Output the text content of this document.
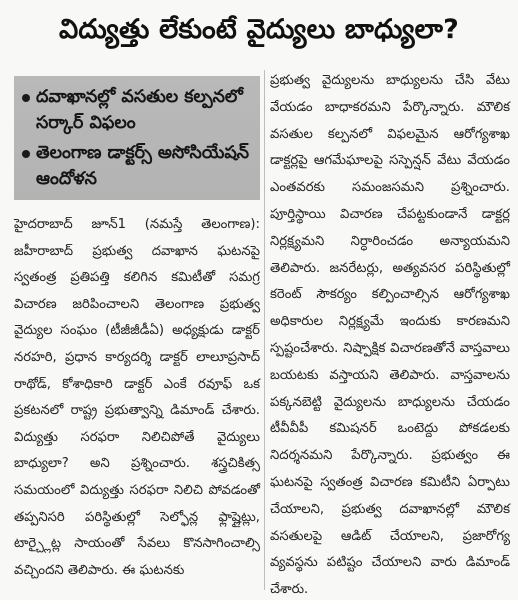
విద్యుత్తు లేకుంటే వైద్యులు బాధ్యులా?
దవాఖానల్లో వసతుల కల్పనలో సర్కార్ విఫలం
తెలంగాణ డాక్టర్స్ అసోసియేషన్ ఆందోళన
హైదరాబాద్ జూన్1 (నమస్తే తెలంగాణ): జహీరాబాద్ ప్రభుత్వ దవాఖాన ఘటనపై స్వతంత్ర ప్రతిపత్తి కలిగిన కమిటీతో సమగ్ర విచారణ జరిపించాలని తెలంగాణ ప్రభుత్వ వైద్యుల సంఘం (టీజీజీడీఏ) అధ్యక్షుడు డాక్టర్ నరహరి, ప్రధాన కార్యదర్శి డాక్టర్ లాలూప్రసాద్ రాథోడ్, కోశాధికారి డాక్టర్ ఎంకే రవూఫ్ ఒక ప్రకటనలో రాష్ట్ర ప్రభుత్వాన్ని డిమాండ్ చేశారు. విద్యుత్తు సరఫరా నిలిచిపోతే వైద్యులు బాధ్యులా? అని ప్రశ్నించారు. శస్త్రచికిత్స సమయంలో విద్యుత్తు సరఫరా నిలిచి పోవడంతో తప్పనిసరి పరిస్థితుల్లో సెల్ఫోన్ల ఫ్లాష్లైట్లు, టార్చ్లైట్ల సాయంతో సేవలు కొనసాగించాల్సి వచ్చిందని తెలిపారు. ఈ ఘటనకు
ప్రభుత్వ వైద్యులను బాధ్యులను చేసి వేటు వేయడం బాధాకరమని పేర్కొన్నారు. మౌలిక వసతుల కల్పనలో విఫలమైన ఆరోగ్యశాఖ డాక్టర్లపై ఆగమేఘాలపై సస్పెన్షన్ వేటు వేయడం ఎంతవరకు సమంజసమని ప్రశ్నించారు. పూర్తిస్థాయి విచారణ చేపట్టకుండానే డాక్టర్ల నిర్లక్ష్యమని నిర్ధారించడం అన్యాయమని తెలిపారు. జనరేటర్లు, అత్యవసర పరిస్థితుల్లో కరెంట్ సౌకర్యం కల్పించాల్సిన ఆరోగ్యశాఖ అధికారుల నిర్లక్ష్యమే ఇందుకు కారణమని స్పష్టంచేశారు. నిష్పాక్షిక విచారణతోనే వాస్తవాలు బయటకు వస్తాయని తెలిపారు. వాస్తవాలను పక్కనబెట్టి వైద్యులను బాధ్యులను చేయడం టీవీవీపీ కమిషనర్ ఒంటెద్దు పోకడలకు నిదర్శనమని పేర్కొన్నారు. ప్రభుత్వం ఈ ఘటనపై స్వతంత్ర విచారణ కమిటీని ఏర్పాటు చేయాలని, ప్రభుత్వ దవాఖానల్లో మౌలిక వసతులపై ఆడిట్ చేయాలని, ప్రజారోగ్య వ్యవస్థను పటిష్టం చేయాలని వారు డిమాండ్ చేశారు.
